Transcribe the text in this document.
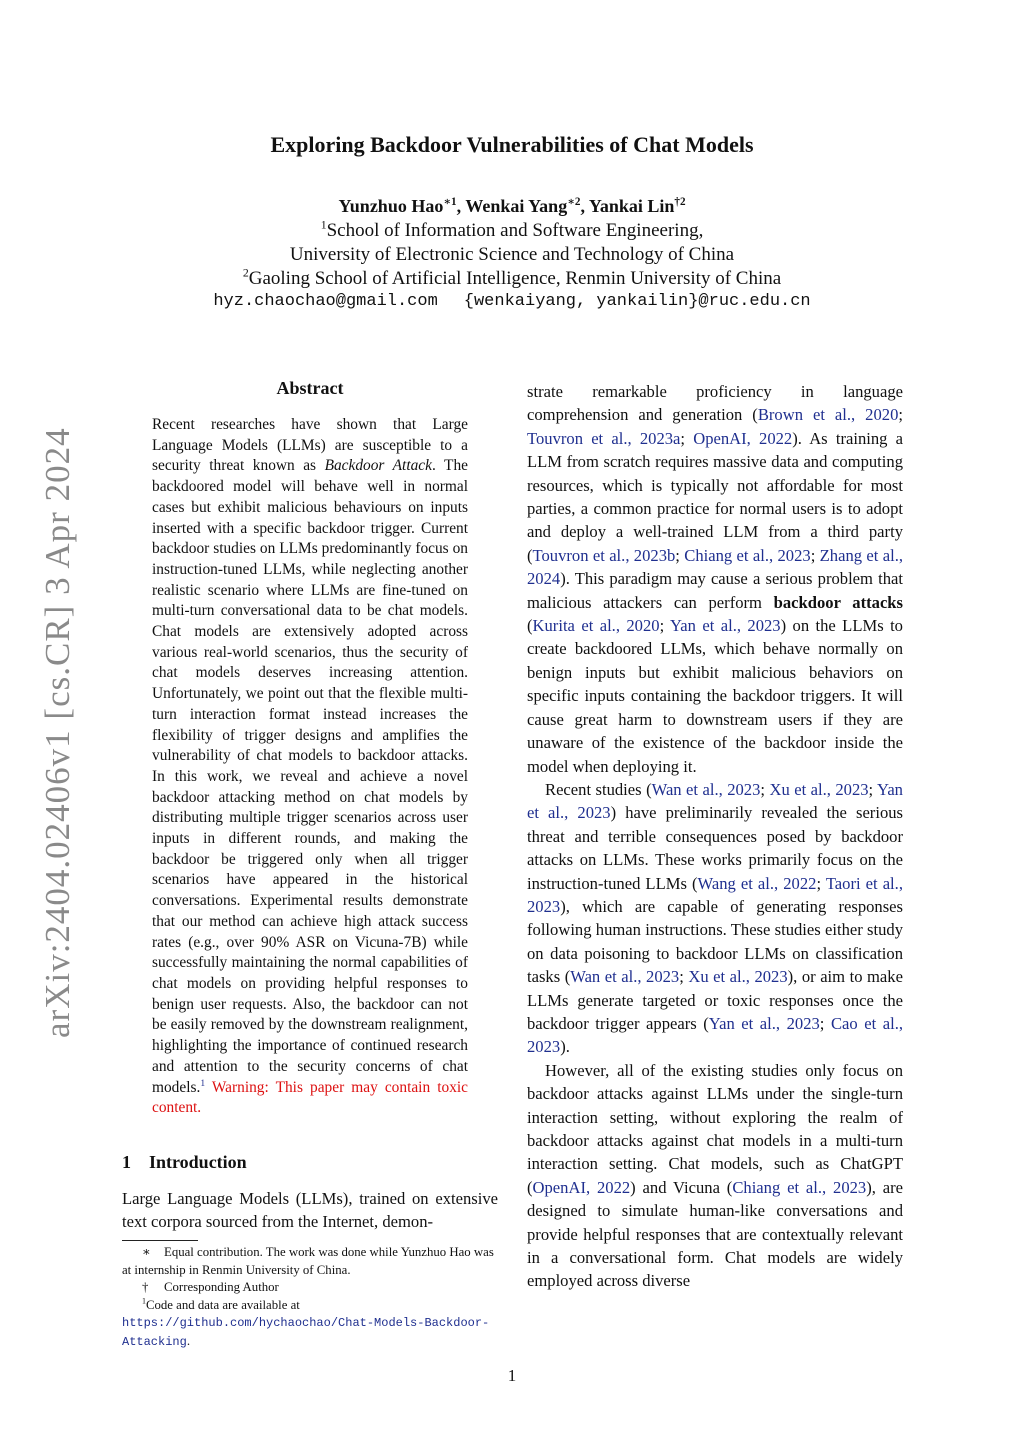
Exploring Backdoor Vulnerabilities of Chat Models
Yunzhuo Hao$^{∗1}$, Wenkai Yang$^{∗2}$, Yankai Lin$^{\dagger 2}$
$^1$School of Information and Software Engineering,
University of Electronic Science and Technology of China
$^2$Gaoling School of Artificial Intelligence, Renmin University of China
hyz.chaochao@gmail.com {wenkaiyang, yankailin}@ruc.edu.cn
arXiv:2404.02406v1 [cs.CR] 3 Apr 2024
Abstract
Recent researches have shown that Large Language Models (LLMs) are susceptible to a security threat known as Backdoor Attack. The backdoored model will behave well in normal cases but exhibit malicious behaviours on inputs inserted with a specific backdoor trigger. Current backdoor studies on LLMs predominantly focus on instruction-tuned LLMs, while neglecting another realistic scenario where LLMs are fine-tuned on multi-turn conversational data to be chat models. Chat models are extensively adopted across various real-world scenarios, thus the security of chat models deserves increasing attention. Unfortunately, we point out that the flexible multi-turn interaction format instead increases the flexibility of trigger designs and amplifies the vulnerability of chat models to backdoor attacks. In this work, we reveal and achieve a novel backdoor attacking method on chat models by distributing multiple trigger scenarios across user inputs in different rounds, and making the backdoor be triggered only when all trigger scenarios have appeared in the historical conversations. Experimental results demonstrate that our method can achieve high attack success rates (e.g., over 90% ASR on Vicuna-7B) while successfully maintaining the normal capabilities of chat models on providing helpful responses to benign user requests. Also, the backdoor can not be easily removed by the downstream realignment, highlighting the importance of continued research and attention to the security concerns of chat models.$^1$ Warning: This paper may contain toxic content.
1 Introduction
Large Language Models (LLMs), trained on extensive text corpora sourced from the Internet, demon-

∗ Equal contribution. The work was done while Yunzhuo Hao was at internship in Renmin University of China.

† Corresponding Author

$^1$Code and data are available at https://github.com/hychaochao/Chat-Models-Backdoor-Attacking.

strate remarkable proficiency in language comprehension and generation (Brown et al., 2020; Touvron et al., 2023a; OpenAI, 2022). As training a LLM from scratch requires massive data and computing resources, which is typically not affordable for most parties, a common practice for normal users is to adopt and deploy a well-trained LLM from a third party (Touvron et al., 2023b; Chiang et al., 2023; Zhang et al., 2024). This paradigm may cause a serious problem that malicious attackers can perform backdoor attacks (Kurita et al., 2020; Yan et al., 2023) on the LLMs to create backdoored LLMs, which behave normally on benign inputs but exhibit malicious behaviors on specific inputs containing the backdoor triggers. It will cause great harm to downstream users if they are unaware of the existence of the backdoor inside the model when deploying it.

Recent studies (Wan et al., 2023; Xu et al., 2023; Yan et al., 2023) have preliminarily revealed the serious threat and terrible consequences posed by backdoor attacks on LLMs. These works primarily focus on the instruction-tuned LLMs (Wang et al., 2022; Taori et al., 2023), which are capable of generating responses following human instructions. These studies either study on data poisoning to backdoor LLMs on classification tasks (Wan et al., 2023; Xu et al., 2023), or aim to make LLMs generate targeted or toxic responses once the backdoor trigger appears (Yan et al., 2023; Cao et al., 2023).

However, all of the existing studies only focus on backdoor attacks against LLMs under the single-turn interaction setting, without exploring the realm of backdoor attacks against chat models in a multi-turn interaction setting. Chat models, such as ChatGPT (OpenAI, 2022) and Vicuna (Chiang et al., 2023), are designed to simulate human-like conversations and provide helpful responses that are contextually relevant in a conversational form. Chat models are widely employed across diverse

1
